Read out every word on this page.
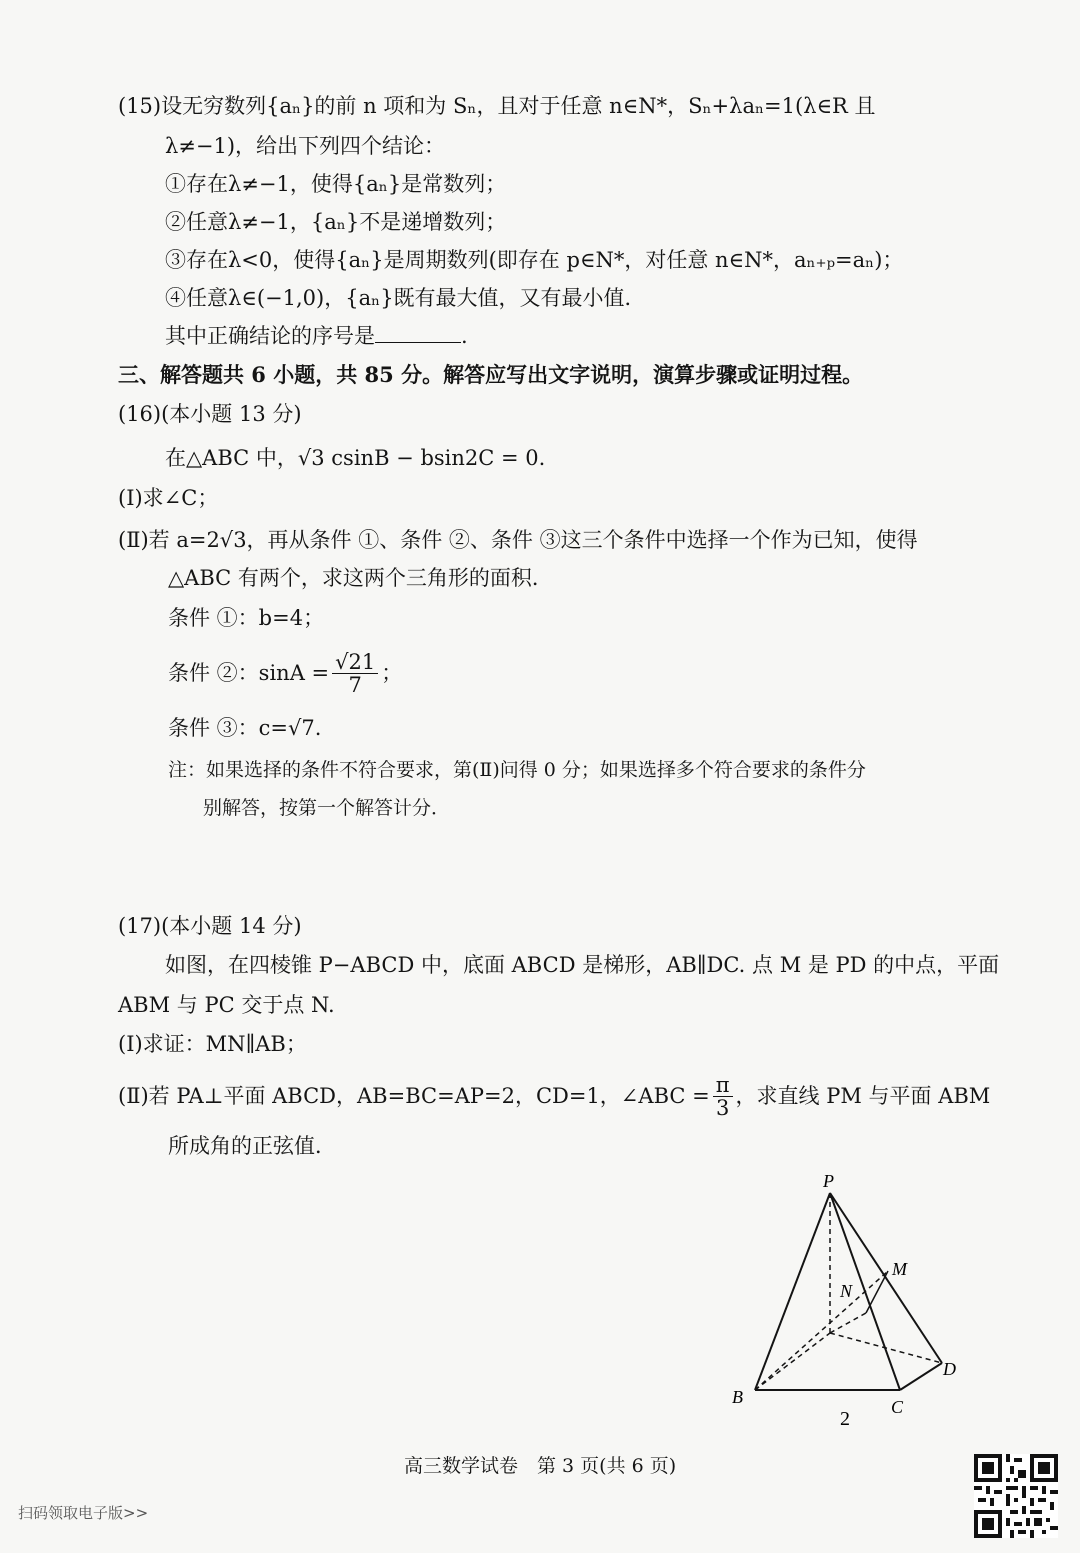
(15)设无穷数列{aₙ}的前 n 项和为 Sₙ，且对于任意 n∈N*，Sₙ+λaₙ=1(λ∈R 且
λ≠−1)，给出下列四个结论：
①存在λ≠−1，使得{aₙ}是常数列；
②任意λ≠−1，{aₙ}不是递增数列；
③存在λ<0，使得{aₙ}是周期数列(即存在 p∈N*，对任意 n∈N*，aₙ₊ₚ=aₙ)；
④任意λ∈(−1,0)，{aₙ}既有最大值，又有最小值．
其中正确结论的序号是	.
三、解答题共 6 小题，共 85 分。解答应写出文字说明，演算步骤或证明过程。
(16)(本小题 13 分)
在△ABC 中，√3 csinB − bsin2C = 0.
(Ⅰ)求∠C；
(Ⅱ)若 a=2√3，再从条件 ①、条件 ②、条件 ③这三个条件中选择一个作为已知，使得
△ABC 有两个，求这两个三角形的面积．
条件 ①：b=4；
条件 ②：$\sin A = \frac{√21}{7}$ ；
条件 ③：c=√7.
注：如果选择的条件不符合要求，第(Ⅱ)问得 0 分；如果选择多个符合要求的条件分
别解答，按第一个解答计分．
(17)(本小题 14 分)
如图，在四棱锥 P−ABCD 中，底面 ABCD 是梯形，AB∥DC. 点 M 是 PD 的中点，平面
ABM 与 PC 交于点 N.
(Ⅰ)求证：MN∥AB；
(Ⅱ)若 PA⊥平面 ABCD，AB=BC=AP=2，CD=1，∠ABC = $\frac{\pi}{3}$ ，求直线 PM 与平面 ABM
所成角的正弦值．
P
M
N
B	C
D
2
高三数学试卷　第 3 页(共 6 页)
扫码领取电子版>>
